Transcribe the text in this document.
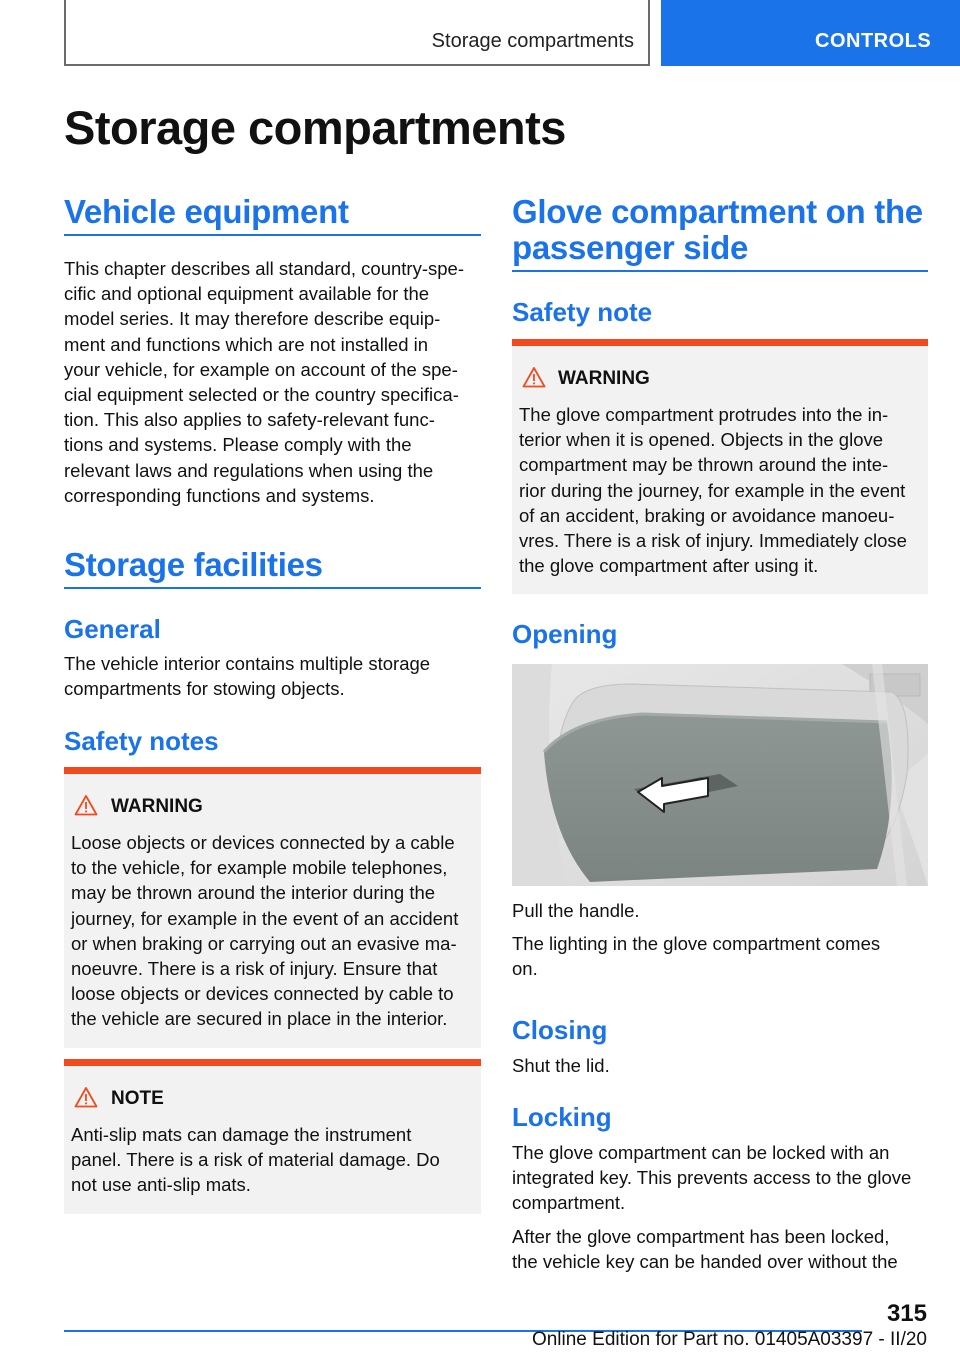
Storage compartments	CONTROLS
Storage compartments
Vehicle equipment
This chapter describes all standard, country-spe‐
cific and optional equipment available for the
model series. It may therefore describe equip‐
ment and functions which are not installed in
your vehicle, for example on account of the spe‐
cial equipment selected or the country specifica‐
tion. This also applies to safety-relevant func‐
tions and systems. Please comply with the
relevant laws and regulations when using the
corresponding functions and systems.
Storage facilities
General
The vehicle interior contains multiple storage
compartments for stowing objects.
Safety notes
WARNING
Loose objects or devices connected by a cable
to the vehicle, for example mobile telephones,
may be thrown around the interior during the
journey, for example in the event of an accident
or when braking or carrying out an evasive ma‐
noeuvre. There is a risk of injury. Ensure that
loose objects or devices connected by cable to
the vehicle are secured in place in the interior.
NOTE
Anti-slip mats can damage the instrument
panel. There is a risk of material damage. Do
not use anti-slip mats.
Glove compartment on the
passenger side
Safety note
WARNING
The glove compartment protrudes into the in‐
terior when it is opened. Objects in the glove
compartment may be thrown around the inte‐
rior during the journey, for example in the event
of an accident, braking or avoidance manoeu‐
vres. There is a risk of injury. Immediately close
the glove compartment after using it.
Opening
Pull the handle.
The lighting in the glove compartment comes
on.
Closing
Shut the lid.
Locking
The glove compartment can be locked with an
integrated key. This prevents access to the glove
compartment.
After the glove compartment has been locked,
the vehicle key can be handed over without the
315
Online Edition for Part no. 01405A03397 - II/20
